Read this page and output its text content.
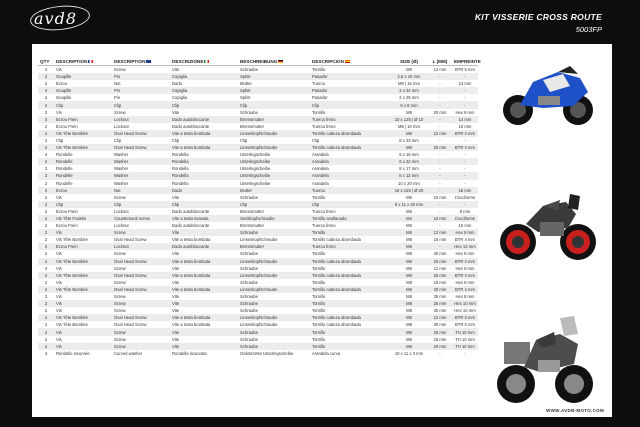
avd8	KIT VISSERIE CROSS ROUTE
5003FP
QTY	DESCRIPTION	DESCRIPTION	DESCRIZIONE	BESCHREIBUNG	DESCRIPCION	SIZE (Ø)	L (MM)	EMPREINTE
4	Vis	Screw	Vite	Schraube	Tornillo	M6	12 mm	BTR 5 mm
2	Goupille	Pin	Copiglia	Splint	Pasador	2.5 x 10 mm	-	-
2	Ecrou	Nut	Dado	Mutter	Tuerca	M8 | 16 mm	-	13 mm
4	Goupille	Pin	Copiglia	Splint	Pasador	2 x 24 mm	-	-
2	Goupille	Pin	Copiglia	Splint	Pasador	2 x 28 mm	-	-
2	Clip	Clip	Clip	Clip	Clip	6 x 8 mm	-	-
2	Vis	Screw	Vite	Schraube	Tornillo	M8	20 mm	Hex 8 mm
4	Ecrou Frein	Locknut	Dado autobloccante	Bremsmutter	Tuerca freno	10 x 125 | Ø 10	-	14 mm
2	Ecrou Frein	Locknut	Dado autobloccante	Bremsmutter	Tuerca freno	M6 | 10 mm	-	10 mm
2	Vis Tête Bombée	Oval Head Screw	Vite a testa bombata	Linsenkopfschraube	Tornillo cabeza abombada	M6	12 mm	BTR 4 mm
2	Clip	Clip	Clip	Clip	Clip	8 x 23 mm	-	-
2	Vis Tête Bombée	Oval Head Screw	Vite a testa bombata	Linsenkopfschraube	Tornillo cabeza abombada	M6	20 mm	BTR 4 mm
4	Rondelle	Washer	Rondella	Unterlegscheibe	Arandela	6 x 16 mm	-	-
2	Rondelle	Washer	Rondella	Unterlegscheibe	Arandela	6 x 22 mm	-	-
2	Rondelle	Washer	Rondella	Unterlegscheibe	Arandela	8 x 17 mm	-	-
2	Rondelle	Washer	Rondella	Unterlegscheibe	Arandela	6 x 12 mm	-	-
2	Rondelle	Washer	Rondella	Unterlegscheibe	Arandela	10 x 20 mm	-	-
2	Ecrou	Nut	Dado	Mutter	Tuerca	10 x 125 | Ø 20	-	15 mm
2	Vis	Screw	Vite	Schraube	Tornillo	M6	10 mm	Cruciforme
2	Clip	Clip	Clip	Clip	Clip	8 x 11 x 20 mm	-	-
2	Ecrou Frein	Locknut	Dado autobloccante	Bremsmutter	Tuerca freno	M5	-	8 mm
2	Vis Tête Fraisée	Countersunk screw	Vite a testa svasata	Senkkopfschraube	Tornillo avellanado	M4	12 mm	Cruciforme
2	Ecrou Frein	Locknut	Dado autobloccante	Bremsmutter	Tuerca freno	M6	-	10 mm
2	Vis	Screw	Vite	Schraube	Tornillo	M6	12 mm	Hex 8 mm
2	Vis Tête Bombée	Oval Head Screw	Vite a testa bombata	Linsenkopfschraube	Tornillo cabeza abombada	M6	16 mm	BTR 4 mm
2	Ecrou Frein	Locknut	Dado autobloccante	Bremsmutter	Tuerca freno	M8	-	Hex 13 mm
2	Vis	Screw	Vite	Schraube	Tornillo	M8	40 mm	Hex 8 mm
2	Vis Tête Bombée	Oval Head Screw	Vite a testa bombata	Linsenkopfschraube	Tornillo cabeza abombada	M6	20 mm	BTR 4 mm
4	Vis	Screw	Vite	Schraube	Tornillo	M6	12 mm	Hex 8 mm
2	Vis Tête Bombée	Oval Head Screw	Vite a testa bombata	Linsenkopfschraube	Tornillo cabeza abombada	M6	25 mm	BTR 4 mm
2	Vis	Screw	Vite	Schraube	Tornillo	M8	16 mm	Hex 8 mm
2	Vis Tête Bombée	Oval Head Screw	Vite a testa bombata	Linsenkopfschraube	Tornillo cabeza abombada	M6	20 mm	BTR 4 mm
2	Vis	Screw	Vite	Schraube	Tornillo	M8	25 mm	Hex 8 mm
2	Vis	Screw	Vite	Schraube	Tornillo	M8	25 mm	Hex 10 mm
2	Vis	Screw	Vite	Schraube	Tornillo	M8	30 mm	Hex 10 mm
2	Vis Tête Bombée	Oval Head Screw	Vite a testa bombata	Linsenkopfschraube	Tornillo cabeza abombada	M5	12 mm	BTR 3 mm
2	Vis Tête Bombée	Oval Head Screw	Vite a testa bombata	Linsenkopfschraube	Tornillo cabeza abombada	M8	30 mm	BTR 5 mm
2	Vis	Screw	Vite	Schraube	Tornillo	M6	25 mm	TH 10 mm
2	Vis	Screw	Vite	Schraube	Tornillo	M6	16 mm	TH 10 mm
2	Vis	Screw	Vite	Schraube	Tornillo	M6	20 mm	TH 10 mm
4	Rondelle incurvée	Curved washer	Rondella incurvata	Gekrümmte Unterlegscheibe	Arandela curva	10 x 11 x 3 mm	-	-
WWW.AVDB-MOTO.COM
